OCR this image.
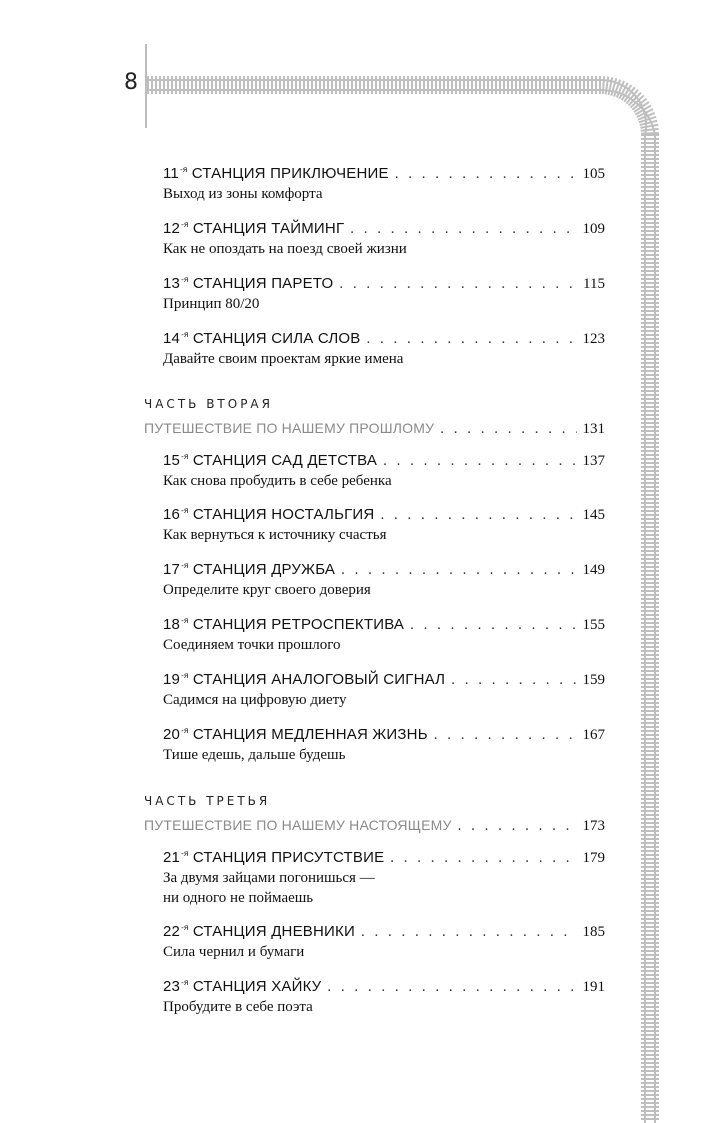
8
$11^{-я}$ СТАНЦИЯ ПРИКЛЮЧЕНИЕ . . .	105
Выход из зоны комфорта
$12^{-я}$ СТАНЦИЯ ТАЙМИНГ . . .	109
Как не опоздать на поезд своей жизни
$13^{-я}$ СТАНЦИЯ ПАРЕТО . . .	115
Принцип 80/20
$14^{-я}$ СТАНЦИЯ СИЛА СЛОВ . . .	123
Давайте своим проектам яркие имена
ЧАСТЬ ВТОРАЯ
ПУТЕШЕСТВИЕ ПО НАШЕМУ ПРОШЛОМУ . . .	131
$15^{-я}$ СТАНЦИЯ САД ДЕТСТВА . . .	137
Как снова пробудить в себе ребенка
$16^{-я}$ СТАНЦИЯ НОСТАЛЬГИЯ . . .	145
Как вернуться к источнику счастья
$17^{-я}$ СТАНЦИЯ ДРУЖБА . . .	149
Определите круг своего доверия
$18^{-я}$ СТАНЦИЯ РЕТРОСПЕКТИВА . . .	155
Соединяем точки прошлого
$19^{-я}$ СТАНЦИЯ АНАЛОГОВЫЙ СИГНАЛ . . .	159
Садимся на цифровую диету
$20^{-я}$ СТАНЦИЯ МЕДЛЕННАЯ ЖИЗНЬ . . .	167
Тише едешь, дальше будешь
ЧАСТЬ ТРЕТЬЯ
ПУТЕШЕСТВИЕ ПО НАШЕМУ НАСТОЯЩЕМУ . . .	173
$21^{-я}$ СТАНЦИЯ ПРИСУТСТВИЕ . . .	179
За двумя зайцами погонишься —
ни одного не поймаешь
$22^{-я}$ СТАНЦИЯ ДНЕВНИКИ . . .	185
Сила чернил и бумаги
$23^{-я}$ СТАНЦИЯ ХАЙКУ . . .	191
Пробудите в себе поэта
